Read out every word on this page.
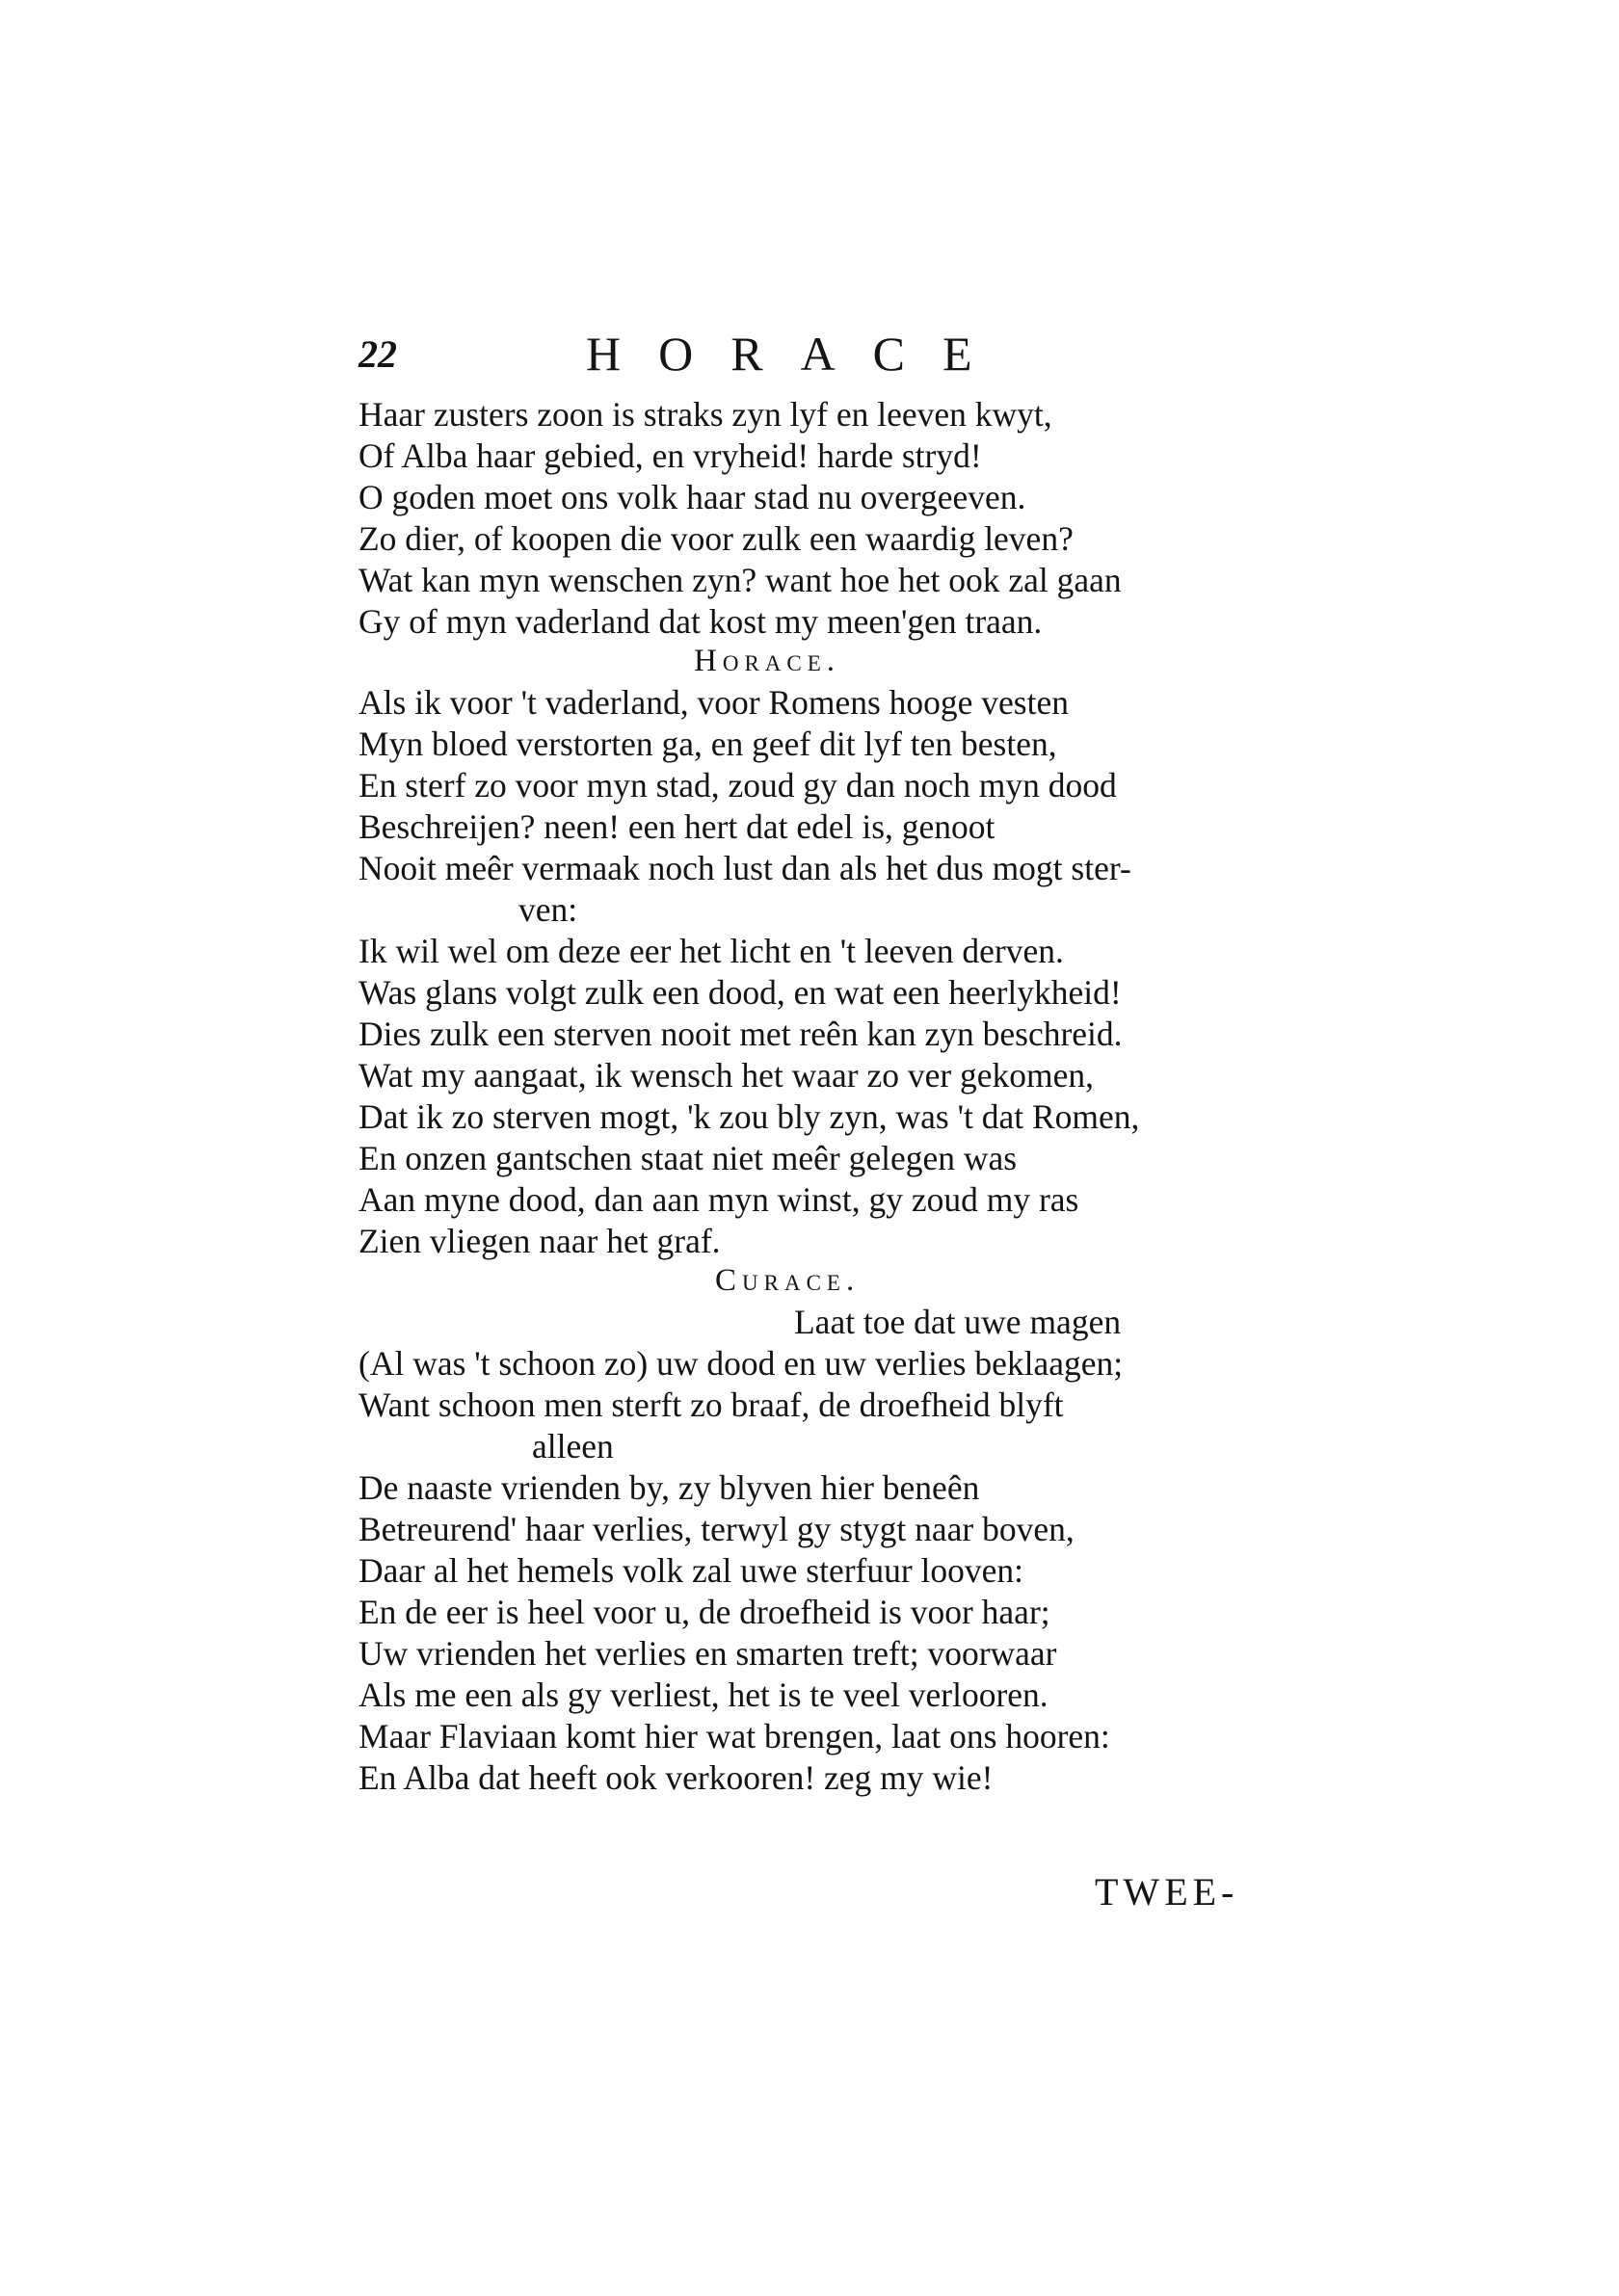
22	HORACE
Haar zusters zoon is straks zyn lyf en leeven kwyt,
Of Alba haar gebied, en vryheid! harde stryd!
O goden moet ons volk haar stad nu overgeeven.
Zo dier, of koopen die voor zulk een waardig leven?
Wat kan myn wenschen zyn? want hoe het ook zal gaan
Gy of myn vaderland dat kost my meen'gen traan.
Horace.
Als ik voor 't vaderland, voor Romens hooge vesten
Myn bloed verstorten ga, en geef dit lyf ten besten,
En sterf zo voor myn stad, zoud gy dan noch myn dood
Beschreijen? neen! een hert dat edel is, genoot
Nooit meêr vermaak noch lust dan als het dus mogt ster-
ven:
Ik wil wel om deze eer het licht en 't leeven derven.
Was glans volgt zulk een dood, en wat een heerlykheid!
Dies zulk een sterven nooit met reên kan zyn beschreid.
Wat my aangaat, ik wensch het waar zo ver gekomen,
Dat ik zo sterven mogt, 'k zou bly zyn, was 't dat Romen,
En onzen gantschen staat niet meêr gelegen was
Aan myne dood, dan aan myn winst, gy zoud my ras
Zien vliegen naar het graf.
Curace.
Laat toe dat uwe magen
(Al was 't schoon zo) uw dood en uw verlies beklaagen;
Want schoon men sterft zo braaf, de droefheid blyft
alleen
De naaste vrienden by, zy blyven hier beneên
Betreurend' haar verlies, terwyl gy stygt naar boven,
Daar al het hemels volk zal uwe sterfuur looven:
En de eer is heel voor u, de droefheid is voor haar;
Uw vrienden het verlies en smarten treft; voorwaar
Als me een als gy verliest, het is te veel verlooren.
Maar Flaviaan komt hier wat brengen, laat ons hooren:
En Alba dat heeft ook verkooren! zeg my wie!
TWEE-
